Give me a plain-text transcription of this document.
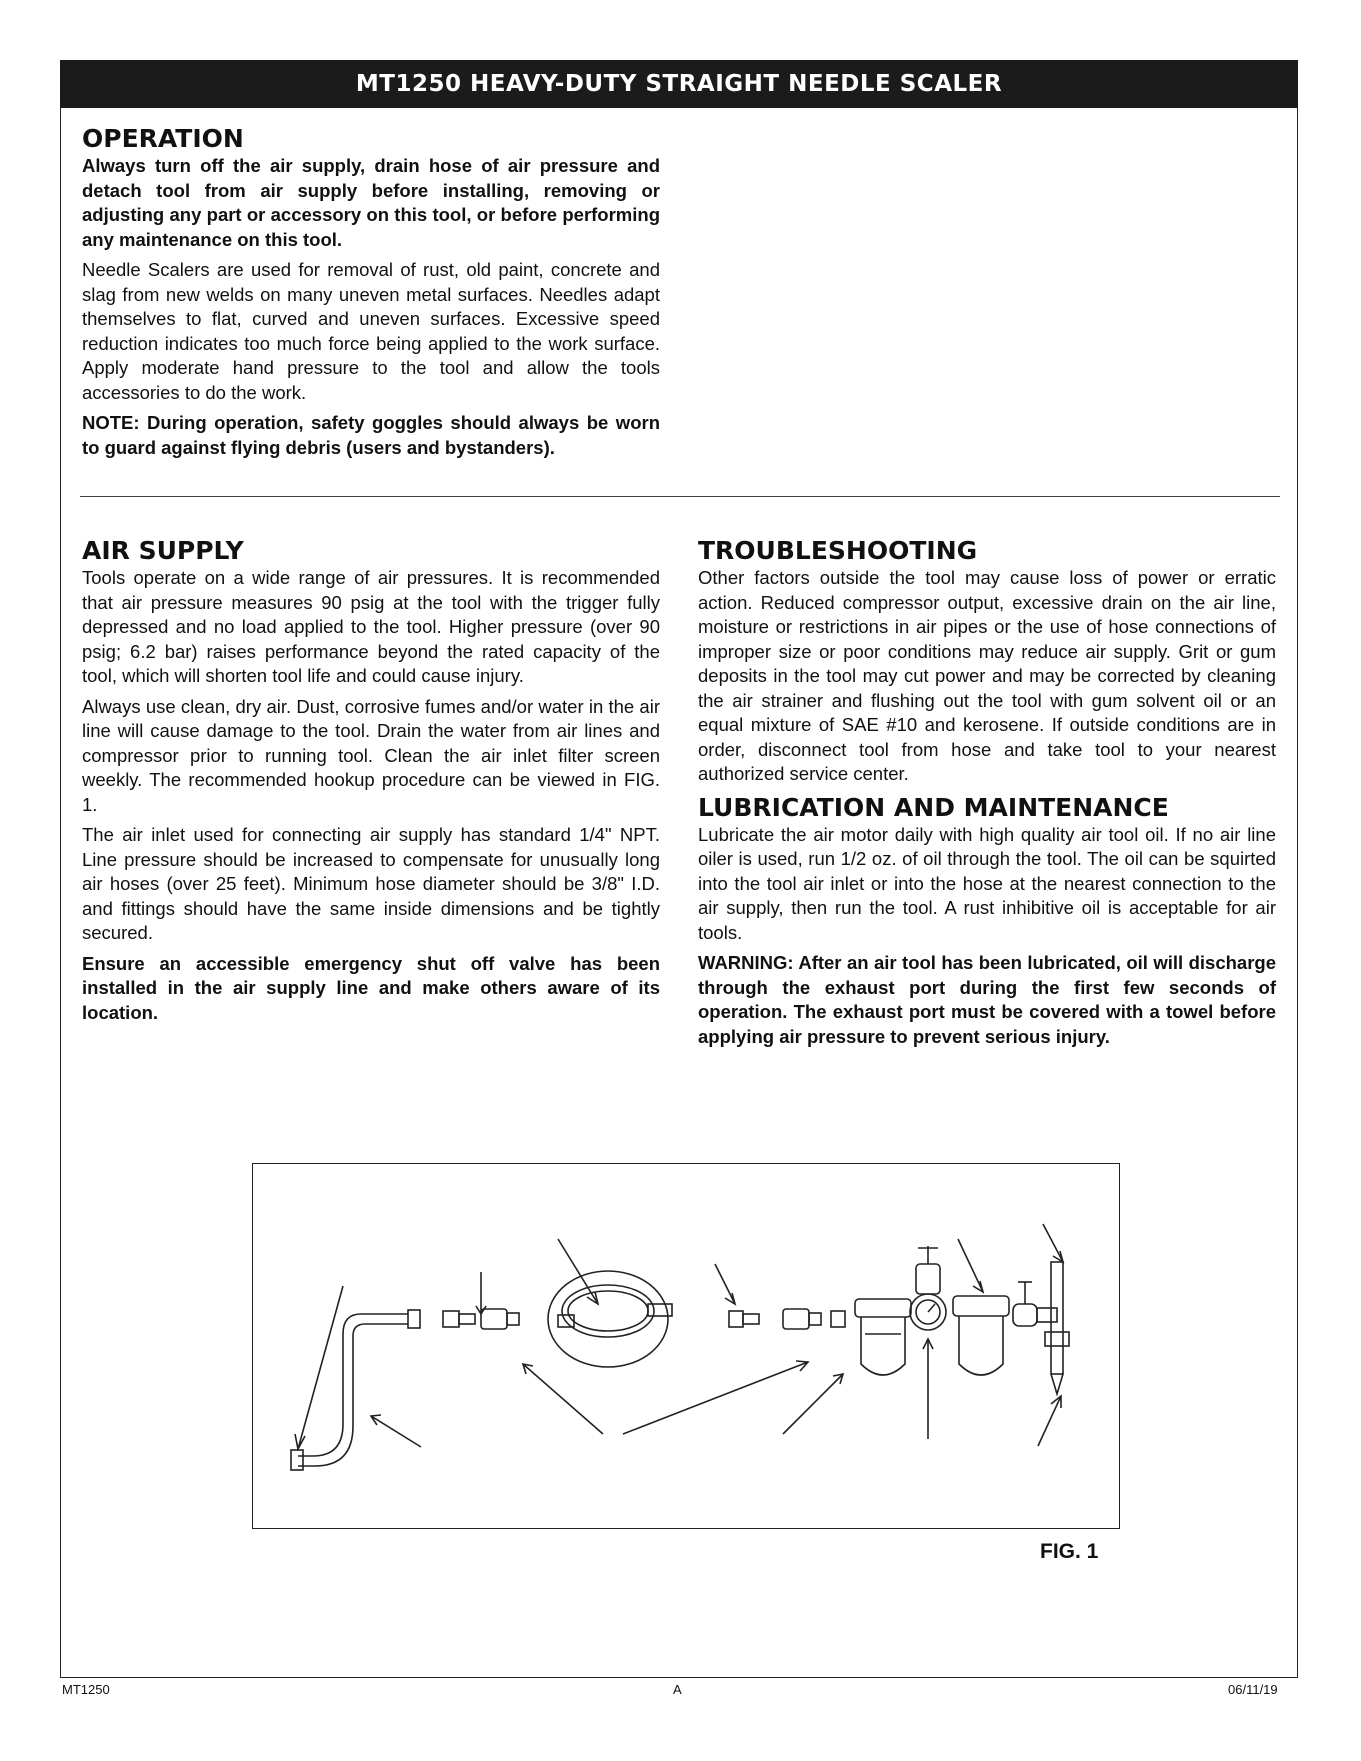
MT1250 HEAVY-DUTY STRAIGHT NEEDLE SCALER
OPERATION

Always turn off the air supply, drain hose of air pressure and detach tool from air supply before installing, removing or adjusting any part or accessory on this tool, or before performing any maintenance on this tool.

Needle Scalers are used for removal of rust, old paint, concrete and slag from new welds on many uneven metal surfaces. Needles adapt themselves to flat, curved and uneven surfaces. Excessive speed reduction indicates too much force being applied to the work surface. Apply moderate hand pressure to the tool and allow the tools accessories to do the work.

NOTE: During operation, safety goggles should always be worn to guard against flying debris (users and bystanders).

AIR SUPPLY

Tools operate on a wide range of air pressures. It is recommended that air pressure measures 90 psig at the tool with the trigger fully depressed and no load applied to the tool. Higher pressure (over 90 psig; 6.2 bar) raises performance beyond the rated capacity of the tool, which will shorten tool life and could cause injury.

Always use clean, dry air. Dust, corrosive fumes and/or water in the air line will cause damage to the tool. Drain the water from air lines and compressor prior to running tool. Clean the air inlet filter screen weekly. The recommended hookup procedure can be viewed in FIG. 1.

The air inlet used for connecting air supply has standard 1/4" NPT. Line pressure should be increased to compensate for unusually long air hoses (over 25 feet). Minimum hose diameter should be 3/8" I.D. and fittings should have the same inside dimensions and be tightly secured.

Ensure an accessible emergency shut off valve has been installed in the air supply line and make others aware of its location.

TROUBLESHOOTING

Other factors outside the tool may cause loss of power or erratic action. Reduced compressor output, excessive drain on the air line, moisture or restrictions in air pipes or the use of hose connections of improper size or poor conditions may reduce air supply. Grit or gum deposits in the tool may cut power and may be corrected by cleaning the air strainer and flushing out the tool with gum solvent oil or an equal mixture of SAE #10 and kerosene. If outside conditions are in order, disconnect tool from hose and take tool to your nearest authorized service center.

LUBRICATION AND MAINTENANCE

Lubricate the air motor daily with high quality air tool oil. If no air line oiler is used, run 1/2 oz. of oil through the tool. The oil can be squirted into the tool air inlet or into the hose at the nearest connection to the air supply, then run the tool. A rust inhibitive oil is acceptable for air tools.

WARNING: After an air tool has been lubricated, oil will discharge through the exhaust port during the first few seconds of operation. The exhaust port must be covered with a towel before applying air pressure to prevent serious injury.

FIG. 1
MT1250	A	06/11/19
